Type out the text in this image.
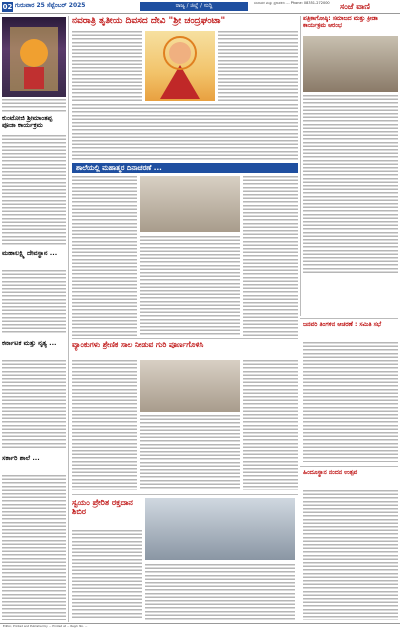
02 ಗುರುವಾರ 25 ಸೆಪ್ಟೆಂಬರ್ 2025	ರಾಜ್ಯ / ಜಿಲ್ಲೆ / ಸುದ್ದಿ	ಸಂಪಾದಕ ಮತ್ತು ಪ್ರಕಾಶಕರು ... Phone: 08351-272000	ಸಂಜೆ ವಾಣಿ
ಕುಂಟೋಜಿ ಶ್ರೀಮಾಂತಪ್ಪ ಪೂಜಾ ಕಾರ್ಯಕ್ರಮ
ಮಹಾಲಕ್ಷ್ಮಿ ದೇವಸ್ಥಾನ ...
ಕರ್ನಾಟಕ ಮತ್ತು ನೃತ್ಯ ...
ಸರ್ಕಾರಿ ಶಾಲೆ ...
ನವರಾತ್ರಿ ತೃತೀಯ ದಿವಸದ ದೇವಿ "ಶ್ರೀ ಚಂದ್ರಘಂಟಾ"	ಪತ್ರಿಕಾಗೋಷ್ಠಿ: ಸಮಾಜದ ಮತ್ತು ಕ್ರೀಡಾ ಕಾರ್ಯಕ್ರಮ ಆರಂಭ
ಶಾಲೆಯಲ್ಲಿ ಮಹಾತ್ಮರ ದಿನಾಚರಣೆ ...
ವ್ಯಾಂಕುಗಳು ಶ್ರೇಣಿಕ ಸಾಲ ನೀಡುವ ಗುರಿ ಪೂರ್ಣಗೊಳಿಸಿ
ಜನವರಿ ತಿಂಗಳಿನ ಆಚರಣೆ : ಸಮಿತಿ ಸಭೆ
ಹಿಂದೂಸ್ಥಾನ ನಂದನ ಉತ್ಸವ
ಸ್ವಯಂ ಪ್ರೇರಿತ ರಕ್ತದಾನ ಶಿಬಿರ
Editor, Printed and Published by ... Printed at ... Regd. No. ...
